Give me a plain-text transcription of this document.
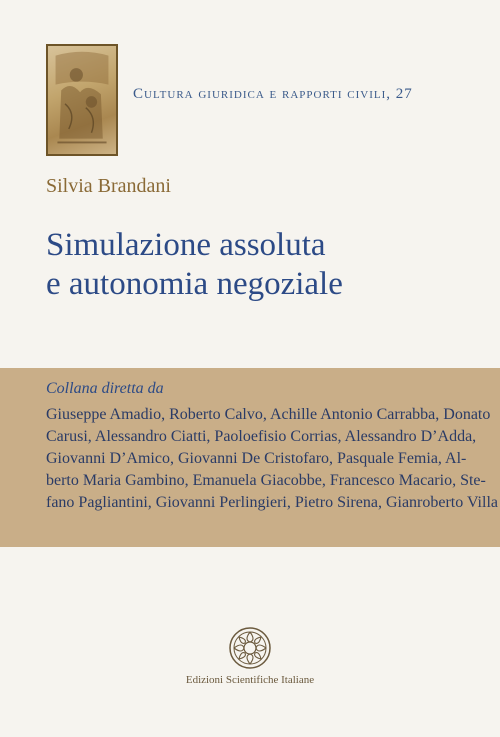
Cultura giuridica e rapporti civili, 27
Silvia Brandani
Simulazione assoluta
e autonomia negoziale
Collana diretta da
Giuseppe Amadio, Roberto Calvo, Achille Antonio Carrabba, Donato
Carusi, Alessandro Ciatti, Paoloefisio Corrias, Alessandro D’Adda,
Giovanni D’Amico, Giovanni De Cristofaro, Pasquale Femia, Al-
berto Maria Gambino, Emanuela Giacobbe, Francesco Macario, Ste-
fano Pagliantini, Giovanni Perlingieri, Pietro Sirena, Gianroberto Villa
Edizioni Scientifiche Italiane
